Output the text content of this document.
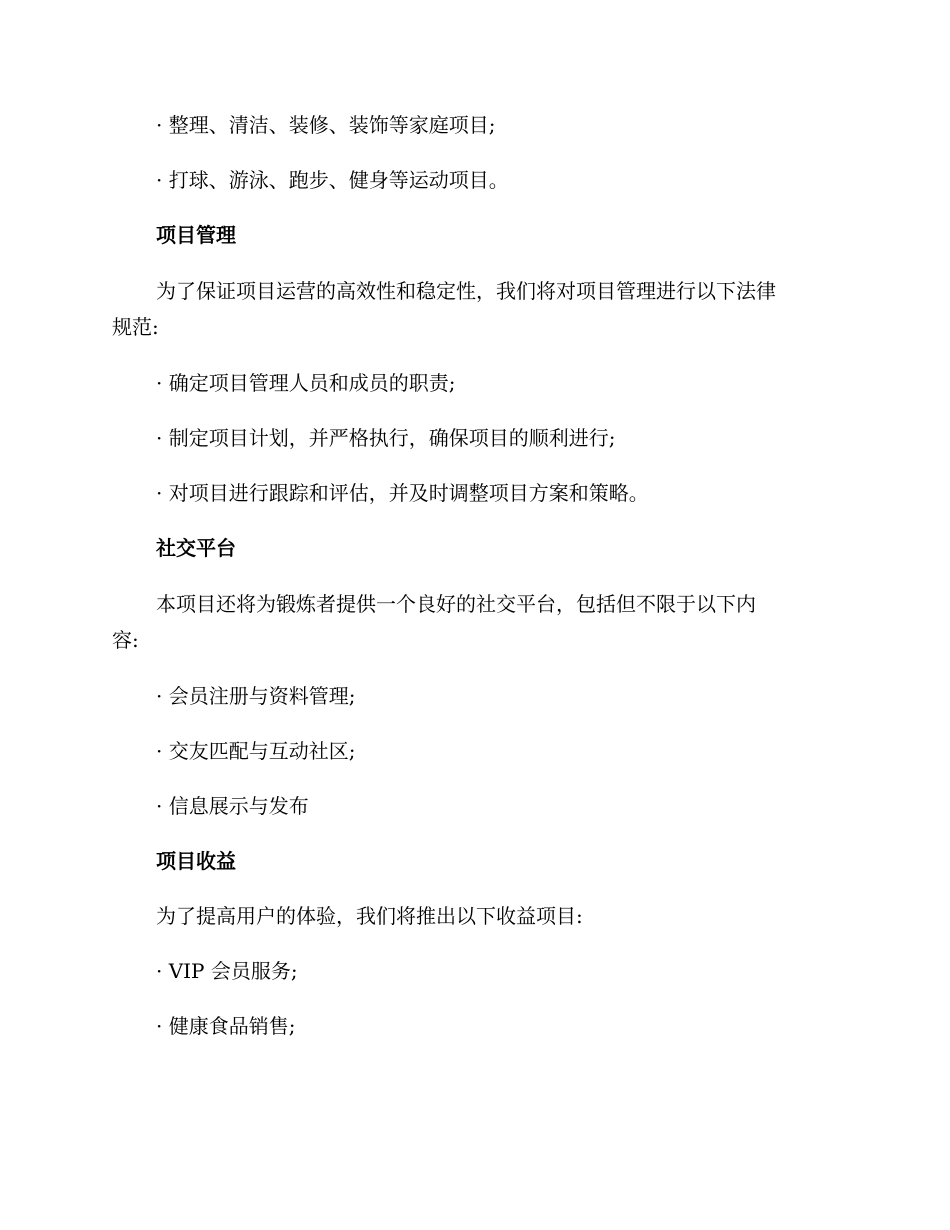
· 整理、清洁、装修、装饰等家庭项目;

· 打球、游泳、跑步、健身等运动项目。

项目管理

为了保证项目运营的高效性和稳定性，我们将对项目管理进行以下法律
规范:

· 确定项目管理人员和成员的职责;

· 制定项目计划，并严格执行，确保项目的顺利进行;

· 对项目进行跟踪和评估，并及时调整项目方案和策略。

社交平台

本项目还将为锻炼者提供一个良好的社交平台，包括但不限于以下内
容:

· 会员注册与资料管理;

· 交友匹配与互动社区;

· 信息展示与发布

项目收益

为了提高用户的体验，我们将推出以下收益项目:

· VIP 会员服务;

· 健康食品销售;
